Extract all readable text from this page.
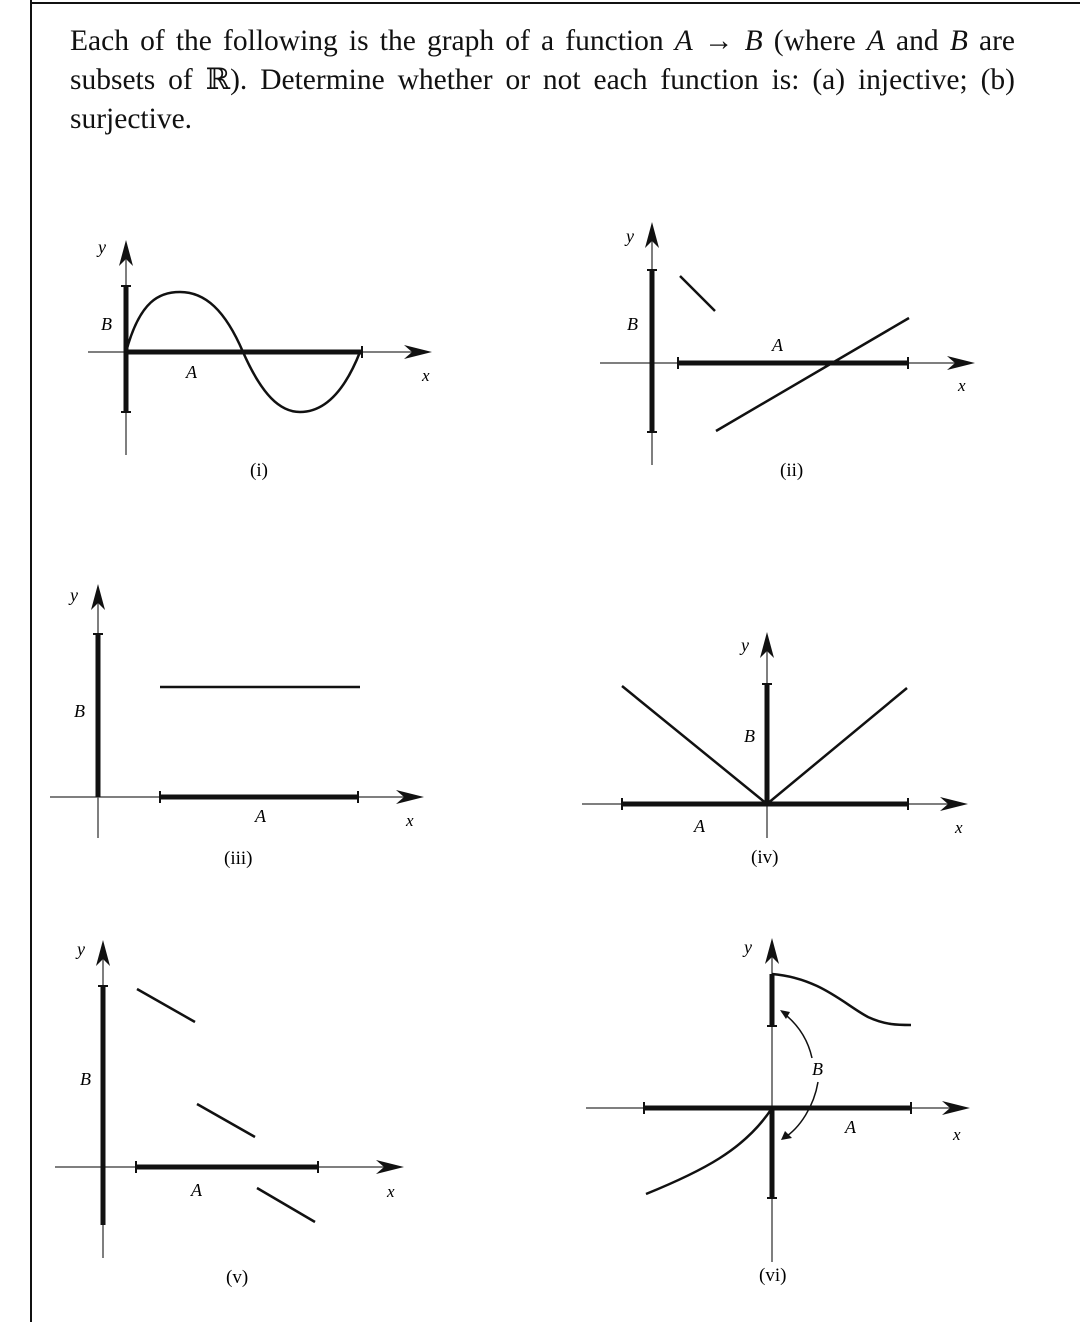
Each of the following is the graph of a function A → B (where A and B are subsets of ℝ). Determine whether or not each function is: (a) injective; (b) surjective.
y
x
B
A
(i)
y
x
B
A
(ii)
y
x
B
A
(iii)
y
x
B
A
(iv)
y
x
B
A
(v)
y
x
B
A
(vi)
